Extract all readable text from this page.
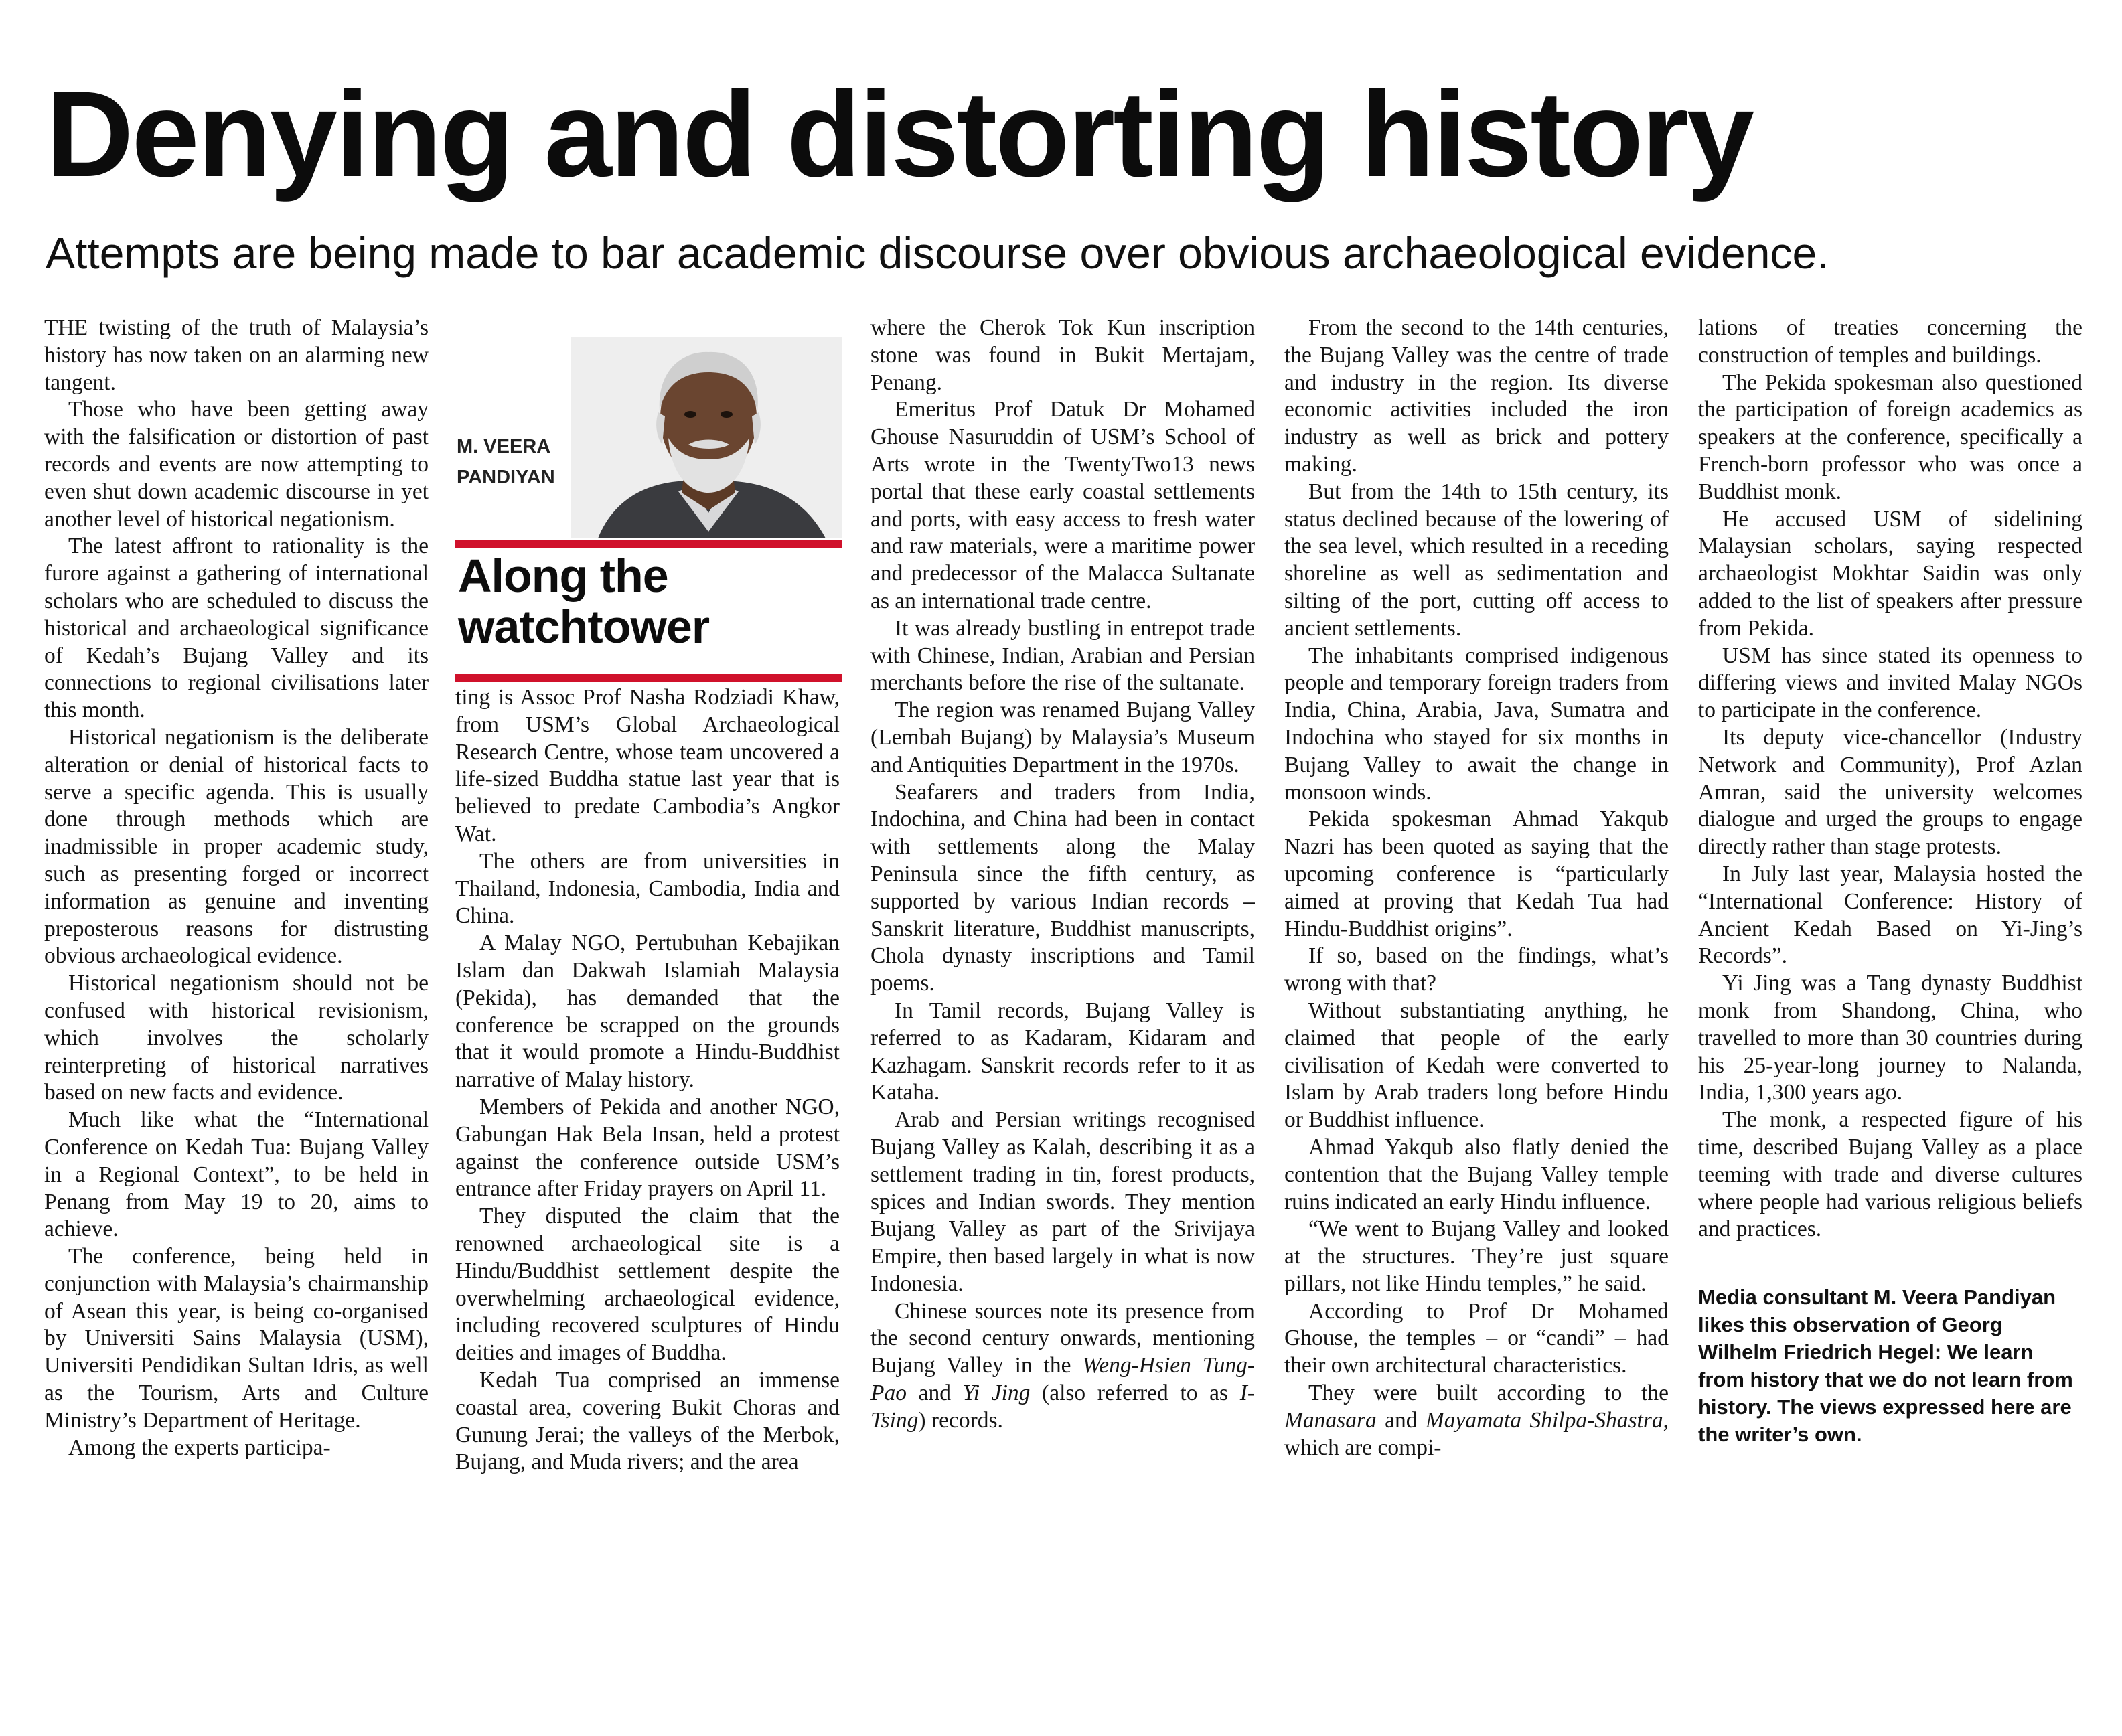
Denying and distorting history
Attempts are being made to bar academic discourse over obvious archaeological evidence.

THE twisting of the truth of Malaysia’s history has now taken on an alarming new tangent.

Those who have been getting away with the falsification or distortion of past records and events are now attempting to even shut down academic discourse in yet another level of historical negationism.

The latest affront to rationality is the furore against a gathering of international scholars who are scheduled to discuss the historical and archaeological significance of Kedah’s Bujang Valley and its connections to regional civilisations later this month.

Historical negationism is the deliberate alteration or denial of historical facts to serve a specific agenda. This is usually done through methods which are inadmissible in proper academic study, such as presenting forged or incorrect information as genuine and inventing preposterous reasons for distrusting obvious archaeological evidence.

Historical negationism should not be confused with historical revisionism, which involves the scholarly reinterpreting of historical narratives based on new facts and evidence.

Much like what the “International Conference on Kedah Tua: Bujang Valley in a Regional Context”, to be held in Penang from May 19 to 20, aims to achieve.

The conference, being held in conjunction with Malaysia’s chairmanship of Asean this year, is being co-organised by Universiti Sains Malaysia (USM), Universiti Pendidikan Sultan Idris, as well as the Tourism, Arts and Culture Ministry’s Department of Heritage.

Among the experts participa-

M. VEERA
PANDIYAN
Along the
watchtower

ting is Assoc Prof Nasha Rodziadi Khaw, from USM’s Global Archaeological Research Centre, whose team uncovered a life-sized Buddha statue last year that is believed to predate Cambodia’s Angkor Wat.

The others are from universities in Thailand, Indonesia, Cambodia, India and China.

A Malay NGO, Pertubuhan Kebajikan Islam dan Dakwah Islamiah Malaysia (Pekida), has demanded that the conference be scrapped on the grounds that it would promote a Hindu-Buddhist narrative of Malay history.

Members of Pekida and another NGO, Gabungan Hak Bela Insan, held a protest against the conference outside USM’s entrance after Friday prayers on April 11.

They disputed the claim that the renowned archaeological site is a Hindu/Buddhist settlement despite the overwhelming archaeological evidence, including recovered sculptures of Hindu deities and images of Buddha.

Kedah Tua comprised an immense coastal area, covering Bukit Choras and Gunung Jerai; the valleys of the Merbok, Bujang, and Muda rivers; and the area

where the Cherok Tok Kun inscription stone was found in Bukit Mertajam, Penang.

Emeritus Prof Datuk Dr Mohamed Ghouse Nasuruddin of USM’s School of Arts wrote in the TwentyTwo13 news portal that these early coastal settlements and ports, with easy access to fresh water and raw materials, were a maritime power and predecessor of the Malacca Sultanate as an international trade centre.

It was already bustling in entrepot trade with Chinese, Indian, Arabian and Persian merchants before the rise of the sultanate.

The region was renamed Bujang Valley (Lembah Bujang) by Malaysia’s Museum and Antiquities Department in the 1970s.

Seafarers and traders from India, Indochina, and China had been in contact with settlements along the Malay Peninsula since the fifth century, as supported by various Indian records – Sanskrit literature, Buddhist manuscripts, Chola dynasty inscriptions and Tamil poems.

In Tamil records, Bujang Valley is referred to as Kadaram, Kidaram and Kazhagam. Sanskrit records refer to it as Kataha.

Arab and Persian writings recognised Bujang Valley as Kalah, describing it as a settlement trading in tin, forest products, spices and Indian swords. They mention Bujang Valley as part of the Srivijaya Empire, then based largely in what is now Indonesia.

Chinese sources note its presence from the second century onwards, mentioning Bujang Valley in the Weng-Hsien Tung-Pao and Yi Jing (also referred to as I-Tsing) records.

From the second to the 14th centuries, the Bujang Valley was the centre of trade and industry in the region. Its diverse economic activities included the iron industry as well as brick and pottery making.

But from the 14th to 15th century, its status declined because of the lowering of the sea level, which resulted in a receding shoreline as well as sedimentation and silting of the port, cutting off access to ancient settlements.

The inhabitants comprised indigenous people and temporary foreign traders from India, China, Arabia, Java, Sumatra and Indochina who stayed for six months in Bujang Valley to await the change in monsoon winds.

Pekida spokesman Ahmad Yakqub Nazri has been quoted as saying that the upcoming conference is “particularly aimed at proving that Kedah Tua had Hindu-Buddhist origins”.

If so, based on the findings, what’s wrong with that?

Without substantiating anything, he claimed that people of the early civilisation of Kedah were converted to Islam by Arab traders long before Hindu or Buddhist influence.

Ahmad Yakqub also flatly denied the contention that the Bujang Valley temple ruins indicated an early Hindu influence.

“We went to Bujang Valley and looked at the structures. They’re just square pillars, not like Hindu temples,” he said.

According to Prof Dr Mohamed Ghouse, the temples – or “candi” – had their own architectural characteristics.

They were built according to the Manasara and Mayamata Shilpa-Shastra, which are compi-

lations of treaties concerning the construction of temples and buildings.

The Pekida spokesman also questioned the participation of foreign academics as speakers at the conference, specifically a French-born professor who was once a Buddhist monk.

He accused USM of sidelining Malaysian scholars, saying respected archaeologist Mokhtar Saidin was only added to the list of speakers after pressure from Pekida.

USM has since stated its openness to differing views and invited Malay NGOs to participate in the conference.

Its deputy vice-chancellor (Industry Network and Community), Prof Azlan Amran, said the university welcomes dialogue and urged the groups to engage directly rather than stage protests.

In July last year, Malaysia hosted the “International Conference: History of Ancient Kedah Based on Yi-Jing’s Records”.

Yi Jing was a Tang dynasty Buddhist monk from Shandong, China, who travelled to more than 30 countries during his 25-year-long journey to Nalanda, India, 1,300 years ago.

The monk, a respected figure of his time, described Bujang Valley as a place teeming with trade and diverse cultures where people had various religious beliefs and practices.

Media consultant M. Veera Pandiyan likes this observation of Georg Wilhelm Friedrich Hegel: We learn from history that we do not learn from history. The views expressed here are the writer’s own.
